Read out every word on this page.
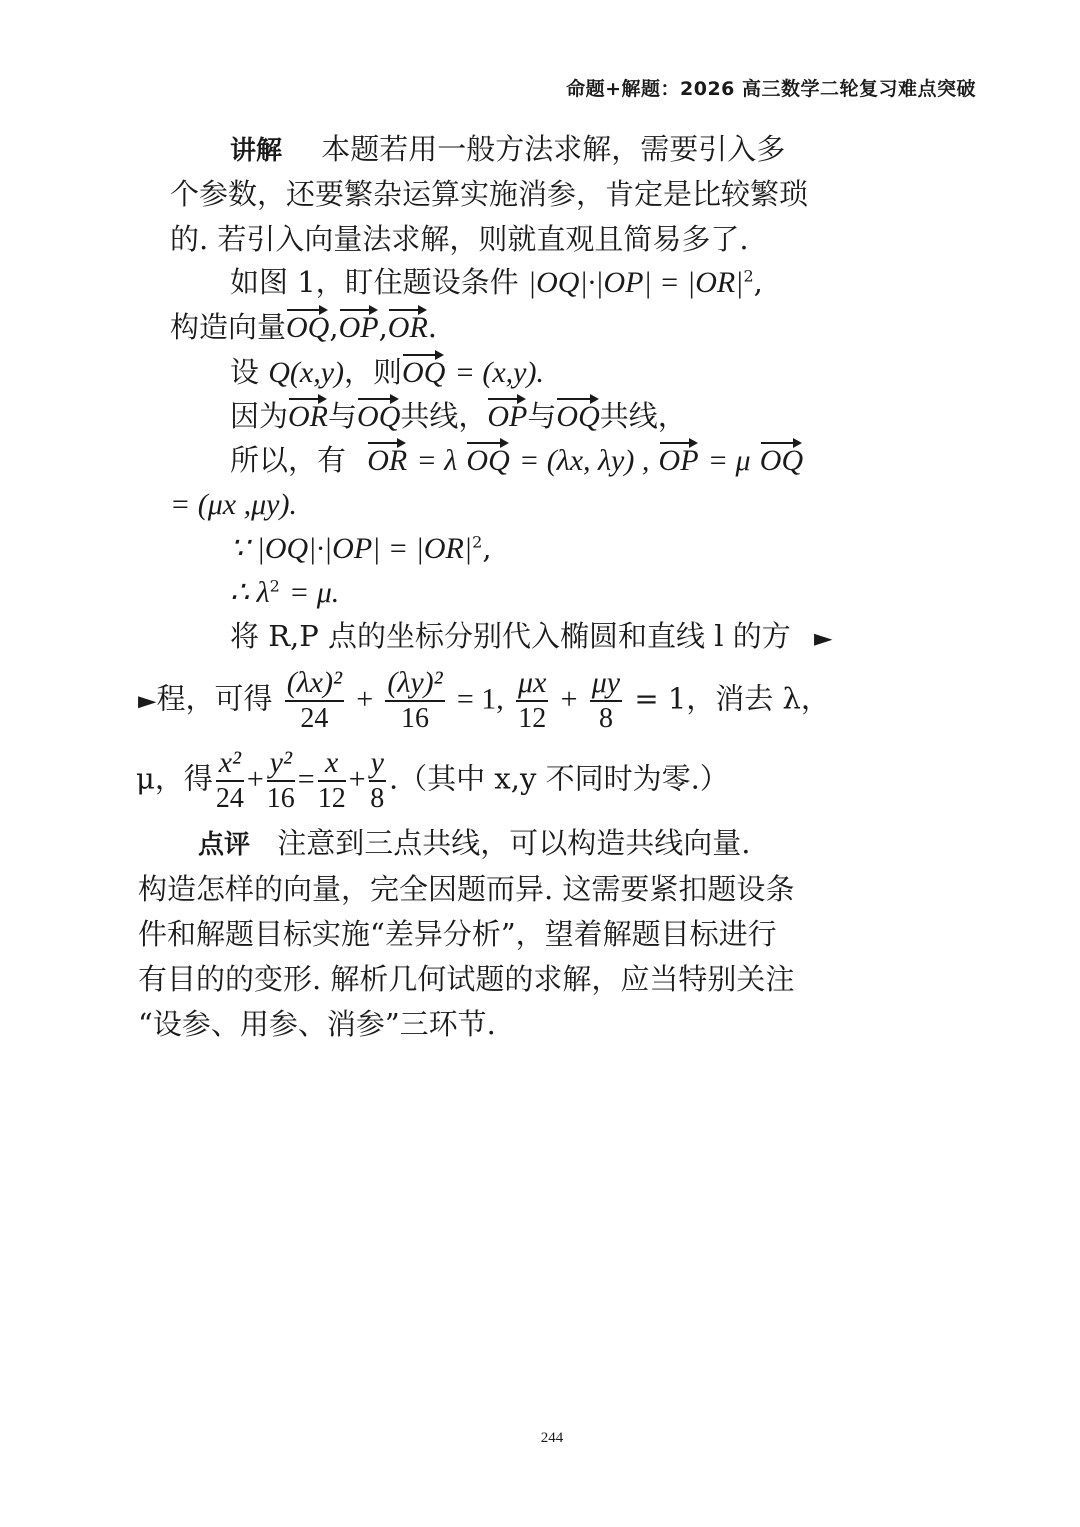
命题+解题：2026 高三数学二轮复习难点突破
讲解 本题若用一般方法求解，需要引入多
个参数，还要繁杂运算实施消参，肯定是比较繁琐
的. 若引入向量法求解，则就直观且简易多了.
如图 1，盯住题设条件 $|OQ|\cdot|OP| = |OR|^2$,
构造向量OQ,OP,OR.
设 Q(x,y)，则OQ = (x,y).
因为OR与OQ共线，OP与OQ共线，
所以，有 OR = λ OQ = (λx, λy) , OP = μ OQ
= (μx ,μy).
∵ $|OQ|\cdot|OP| = |OR|^2$,
∴ $\lambda^2 = \mu$.
将 R,P 点的坐标分别代入椭圆和直线 l 的方 ►
►程，可得 $\frac{\text{(λx)²}}{24} + \frac{\text{(λy)²}}{16} = 1$, $\frac{\mu x}{12} + \frac{\mu y}{8} = 1$，消去 λ，
μ，得 $\frac{\text{x²}}{24} + \frac{\text{y²}}{16} = \frac{x}{12} + \frac{y}{8}$ .（其中 x,y 不同时为零.）
点评 注意到三点共线，可以构造共线向量.
构造怎样的向量，完全因题而异. 这需要紧扣题设条
件和解题目标实施“差异分析”，望着解题目标进行
有目的的变形. 解析几何试题的求解，应当特别关注
“设参、用参、消参”三环节.
244
